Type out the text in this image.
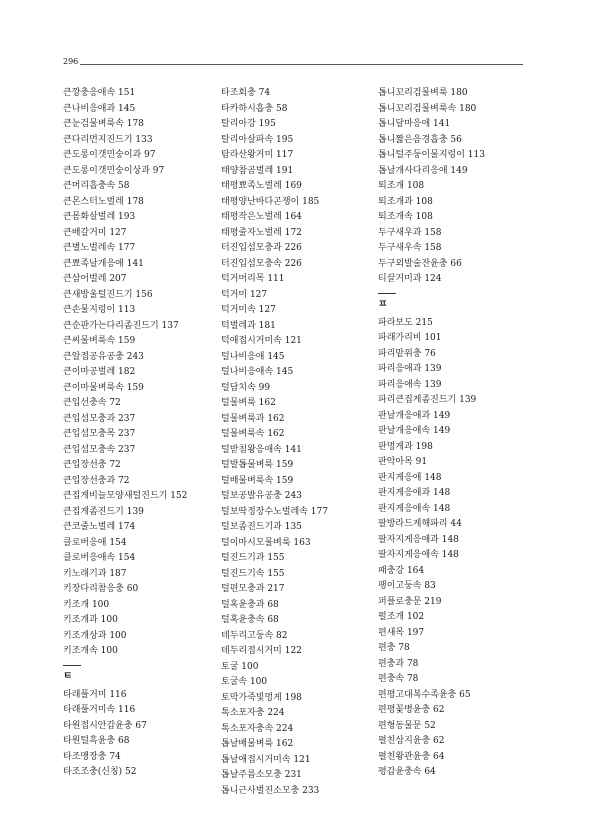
296
큰깡충응애속 151
큰나비응애과 145
큰눈검물벼룩속 178
큰다리먼지진드기 133
큰도롱이갯민숭이과 97
큰도롱이갯민숭이상과 97
큰머리흡충속 58
큰몬스터노벌레 178
큰몸화살벌레 193
큰배갈거미 127
큰별노벌레속 177
큰뾰족날개응애 141
큰삼어벌레 207
큰새방울털진드기 156
큰손물지렁이 113
큰순판가는다리좀진드기 137
큰씨물벼룩속 159
큰알접공유공충 243
큰이마공벌레 182
큰이마물벼룩속 159
큰입선충속 72
큰입섬모충과 237
큰입섬모충목 237
큰입섬모충속 237
큰입장선충 72
큰입장선충과 72
큰집게비늘모양새털진드기 152
큰집게좀진드기 139
큰코줄노벌레 174
클로버응애 154
클로버응애속 154
키노래기과 187
키장다리참응충 60
키조개 100
키조개과 100
키조개상과 100
키조개속 100
ㅌ
타래풀거미 116
타래풀거미속 116
타원접시안갑윤충 67
타원털흑윤충 68
타조맹장충 74
타조조충(신칭) 52
타조회충 74
타카하시흡충 58
탈리아강 195
탈리아살파속 195
탐라산왕거미 117
태양참곰벌레 191
태평뾰족노벌레 169
태평양난바다곤쟁이 185
태평작은노벌레 164
태평줄자노벌레 172
터진입섬모충과 226
터진입섬모충속 226
턱거머리목 111
턱거미 127
턱거미속 127
턱벌레과 181
턱애접시거미속 121
털나비응애 145
털나비응애속 145
털담치속 99
털물벼룩 162
털물벼룩과 162
털물벼룩속 162
털받침왕응애속 141
털발톱물벼룩 159
털배물벼룩속 159
털보공발유공충 243
털보딱정장수노벌레속 177
털보좀진드기과 135
털이마시모물벼룩 163
털진드기과 155
털진드기속 155
털편모충과 217
털혹윤충과 68
털혹윤충속 68
테두리고둥속 82
테두리접시거미 122
토굴 100
토굴속 100
토막가죽빛멍게 198
톡소포자충 224
톡소포자충속 224
톱날배물벼룩 162
톱날애접시거미속 121
톱날주름소모충 231
톱니근사벌진소모충 233
톱니꼬리검물벼룩 180
톱니꼬리검물벼룩속 180
톱니달마응애 141
톱니짧은음경흡충 56
톱니털주둥이물지렁이 113
톱날개사다리응애 149
퇴조개 108
퇴조개과 108
퇴조개속 108
두구새우과 158
두구새우속 158
두구외발술잔윤충 66
티끌거미과 124
ㅍ
파라보도 215
파래가리비 101
파리맡위충 76
파리응애과 139
파리응애속 139
파리큰집게좀진드기 139
판날개응애과 149
판날개응애속 149
판멍게과 198
판악아목 91
판지게응애 148
판지게응애과 148
판지게응애속 148
팔방라드게해파리 44
팔자지게응애과 148
팔자지게응애속 148
패충강 164
팽이고둥속 83
퍼플로충문 219
펄조개 102
편새목 197
편충 78
편충과 78
편충속 78
편평고대복수족윤충 65
편평꽃병윤충 62
편형동물문 52
펼친삼지윤충 62
펼친왕관윤충 64
평갑윤충속 64
